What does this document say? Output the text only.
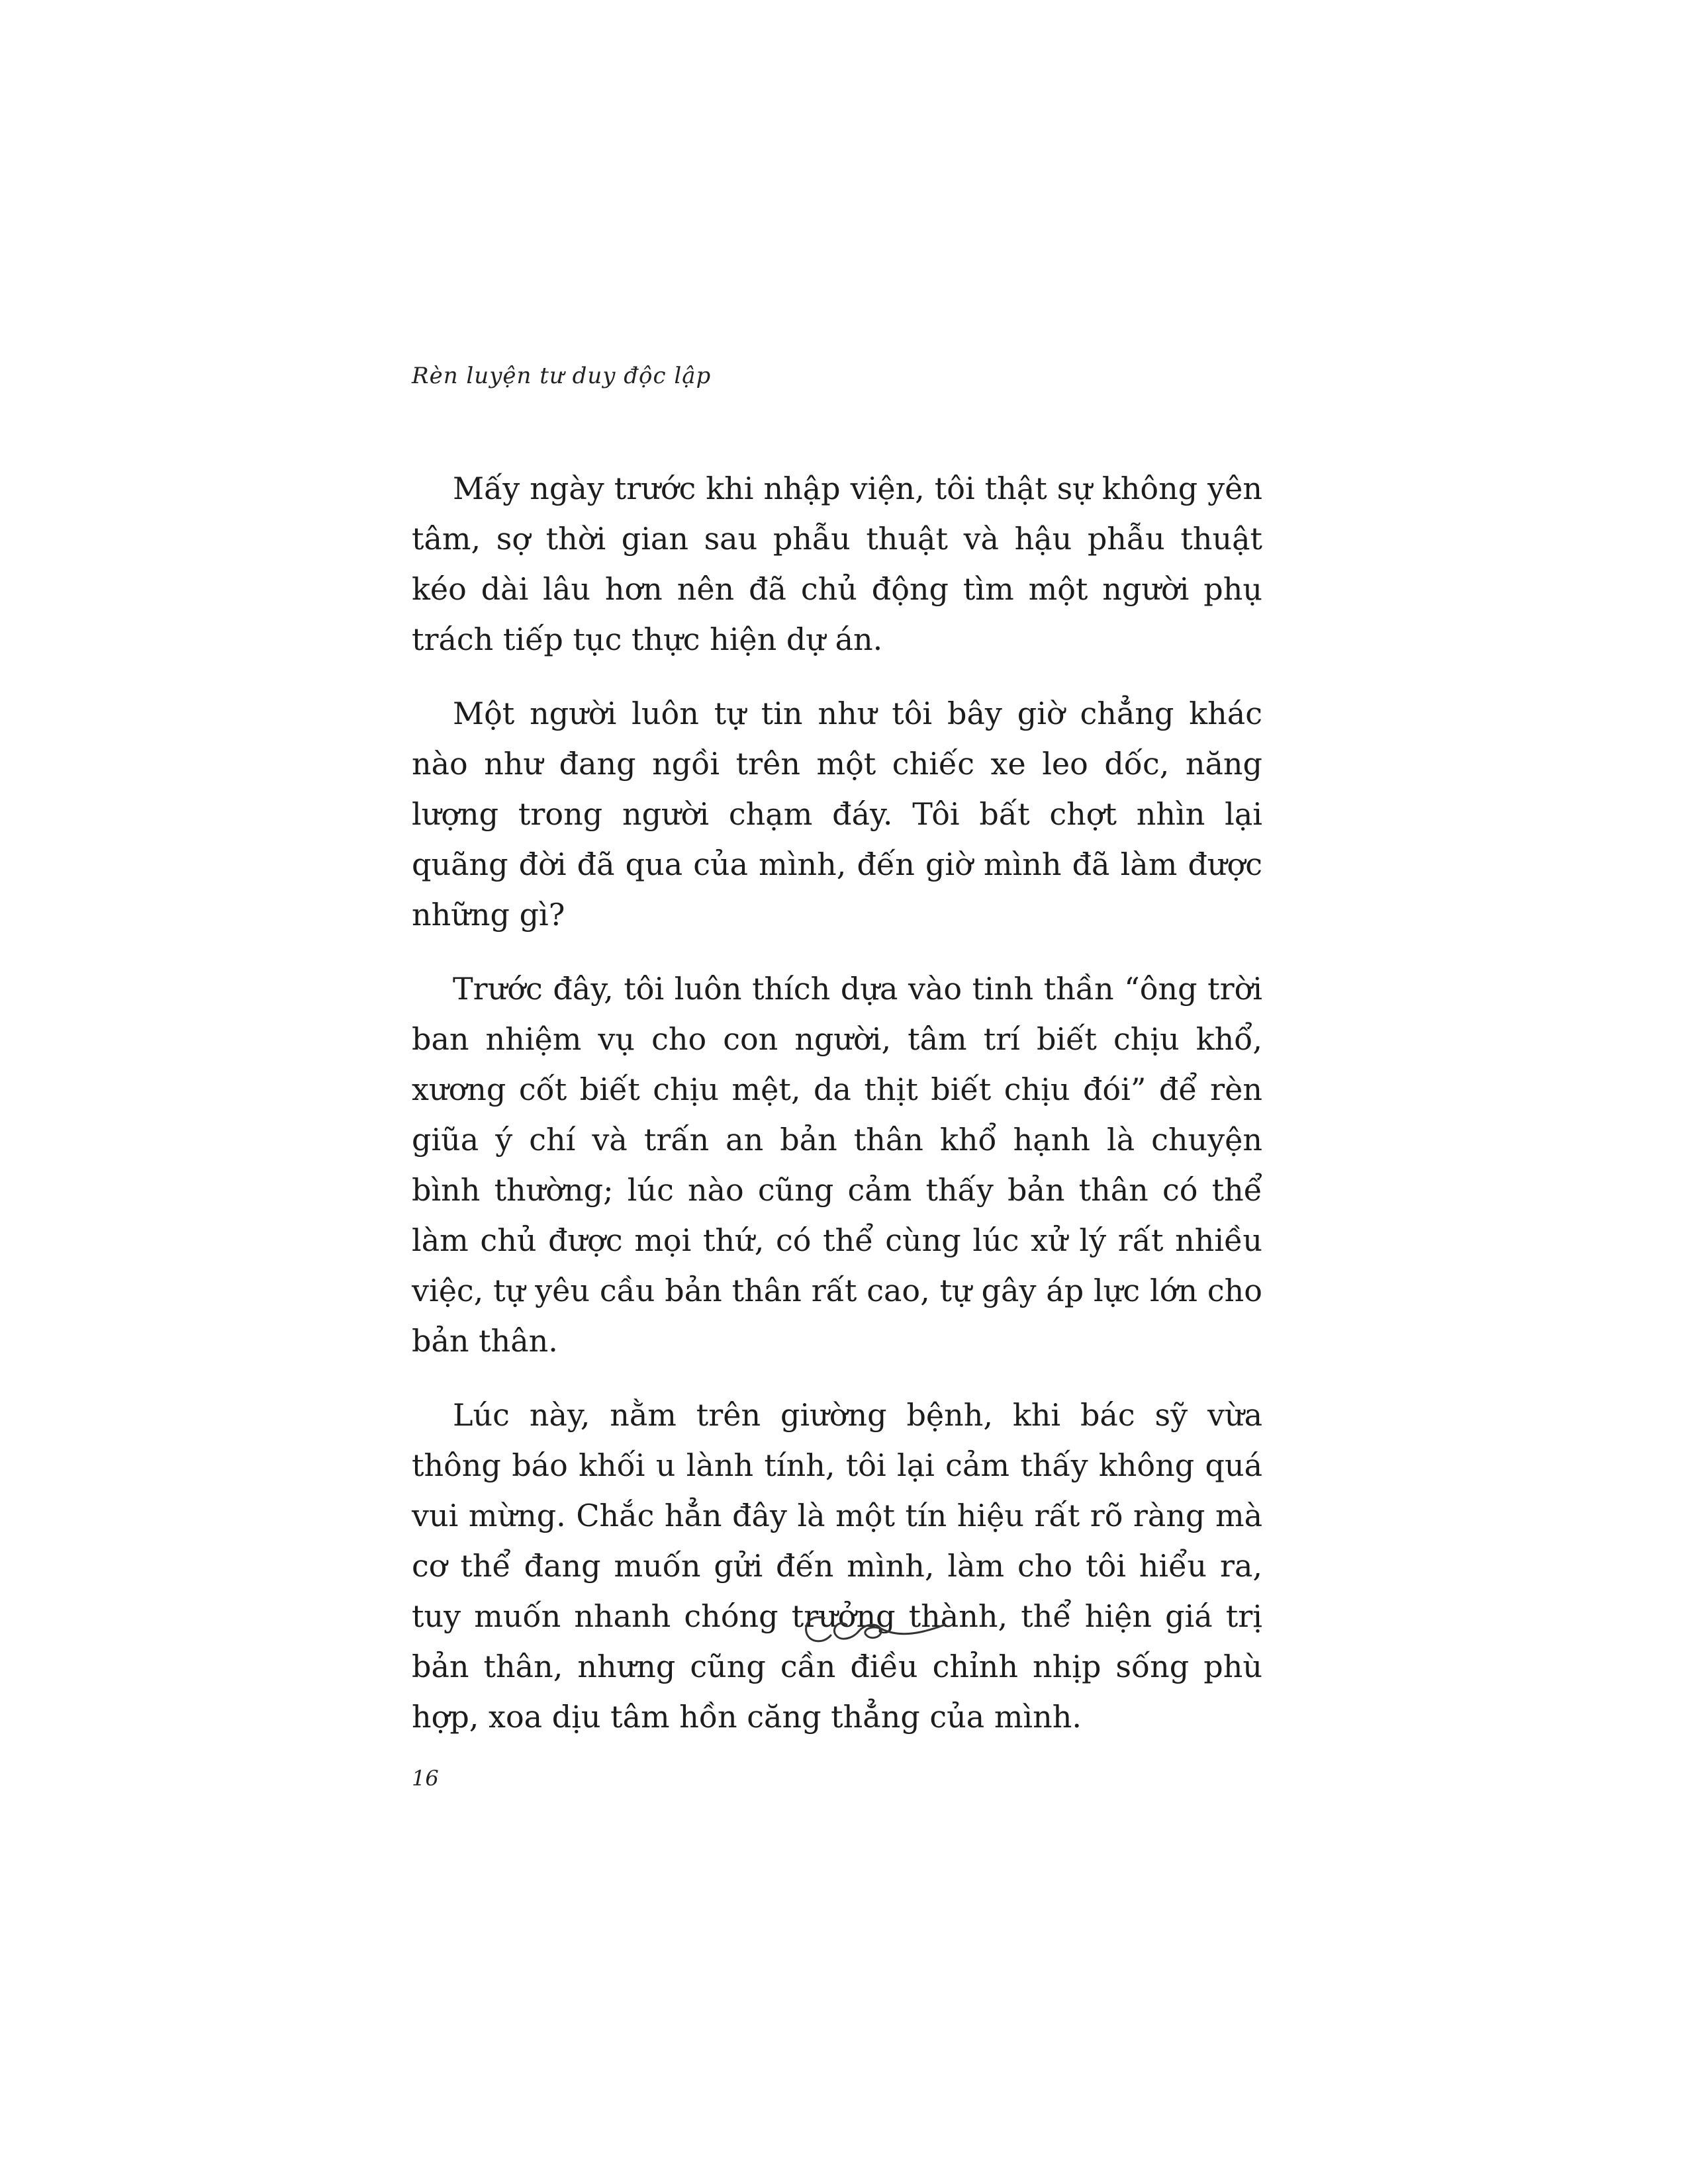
Rèn luyện tư duy độc lập

Mấy ngày trước khi nhập viện, tôi thật sự không yên tâm, sợ thời gian sau phẫu thuật và hậu phẫu thuật kéo dài lâu hơn nên đã chủ động tìm một người phụ trách tiếp tục thực hiện dự án.

Một người luôn tự tin như tôi bây giờ chẳng khác nào như đang ngồi trên một chiếc xe leo dốc, năng lượng trong người chạm đáy. Tôi bất chợt nhìn lại quãng đời đã qua của mình, đến giờ mình đã làm được những gì?

Trước đây, tôi luôn thích dựa vào tinh thần “ông trời ban nhiệm vụ cho con người, tâm trí biết chịu khổ, xương cốt biết chịu mệt, da thịt biết chịu đói” để rèn giũa ý chí và trấn an bản thân khổ hạnh là chuyện bình thường; lúc nào cũng cảm thấy bản thân có thể làm chủ được mọi thứ, có thể cùng lúc xử lý rất nhiều việc, tự yêu cầu bản thân rất cao, tự gây áp lực lớn cho bản thân.

Lúc này, nằm trên giường bệnh, khi bác sỹ vừa thông báo khối u lành tính, tôi lại cảm thấy không quá vui mừng. Chắc hẳn đây là một tín hiệu rất rõ ràng mà cơ thể đang muốn gửi đến mình, làm cho tôi hiểu ra, tuy muốn nhanh chóng trưởng thành, thể hiện giá trị bản thân, nhưng cũng cần điều chỉnh nhịp sống phù hợp, xoa dịu tâm hồn căng thẳng của mình.

16
